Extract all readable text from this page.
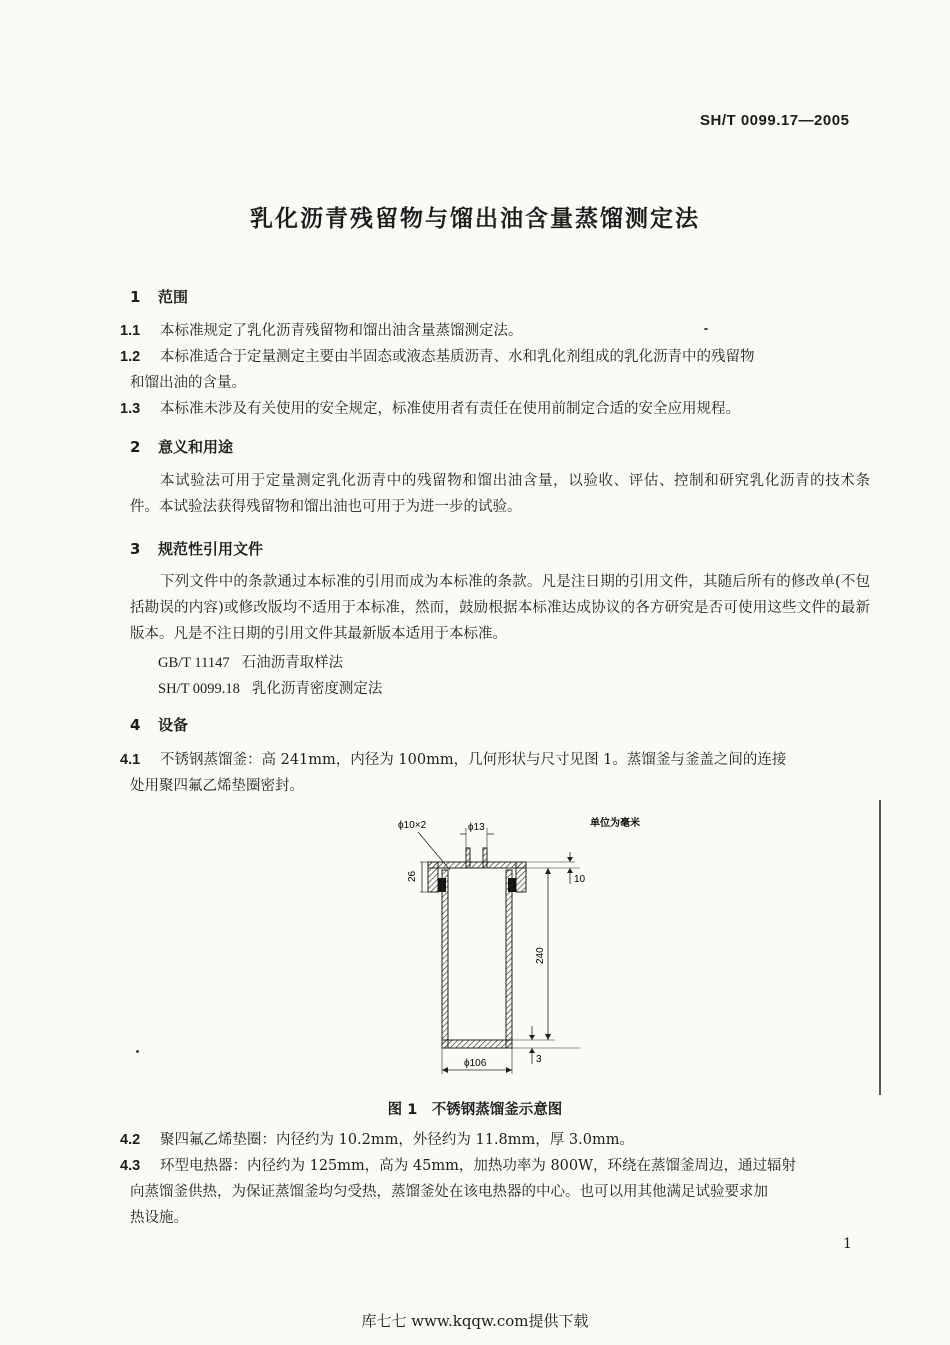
SH/T 0099.17—2005
乳化沥青残留物与馏出油含量蒸馏测定法
1 范围
1.1 本标准规定了乳化沥青残留物和馏出油含量蒸馏测定法。
1.2 本标准适合于定量测定主要由半固态或液态基质沥青、水和乳化剂组成的乳化沥青中的残留物
和馏出油的含量。
1.3 本标准未涉及有关使用的安全规定，标准使用者有责任在使用前制定合适的安全应用规程。
2 意义和用途
本试验法可用于定量测定乳化沥青中的残留物和馏出油含量，以验收、评估、控制和研究乳化沥青的技术条件。本试验法获得残留物和馏出油也可用于为进一步的试验。
3 规范性引用文件
下列文件中的条款通过本标准的引用而成为本标准的条款。凡是注日期的引用文件，其随后所有的修改单(不包括勘误的内容)或修改版均不适用于本标准，然而，鼓励根据本标准达成协议的各方研究是否可使用这些文件的最新版本。凡是不注日期的引用文件其最新版本适用于本标准。
GB/T 11147 石油沥青取样法
SH/T 0099.18 乳化沥青密度测定法
4 设备
4.1 不锈钢蒸馏釜：高 241mm，内径为 100mm，几何形状与尺寸见图 1。蒸馏釜与釜盖之间的连接
处用聚四氟乙烯垫圈密封。
ϕ10×2	ϕ13	单位为毫米
26	10
240
3
ϕ106
图 1　不锈钢蒸馏釜示意图
4.2 聚四氟乙烯垫圈：内径约为 10.2mm，外径约为 11.8mm，厚 3.0mm。
4.3 环型电热器：内径约为 125mm，高为 45mm，加热功率为 800W，环绕在蒸馏釜周边，通过辐射
向蒸馏釜供热，为保证蒸馏釜均匀受热，蒸馏釜处在该电热器的中心。也可以用其他满足试验要求加
热设施。
1
库七七 www.kqqw.com提供下载
